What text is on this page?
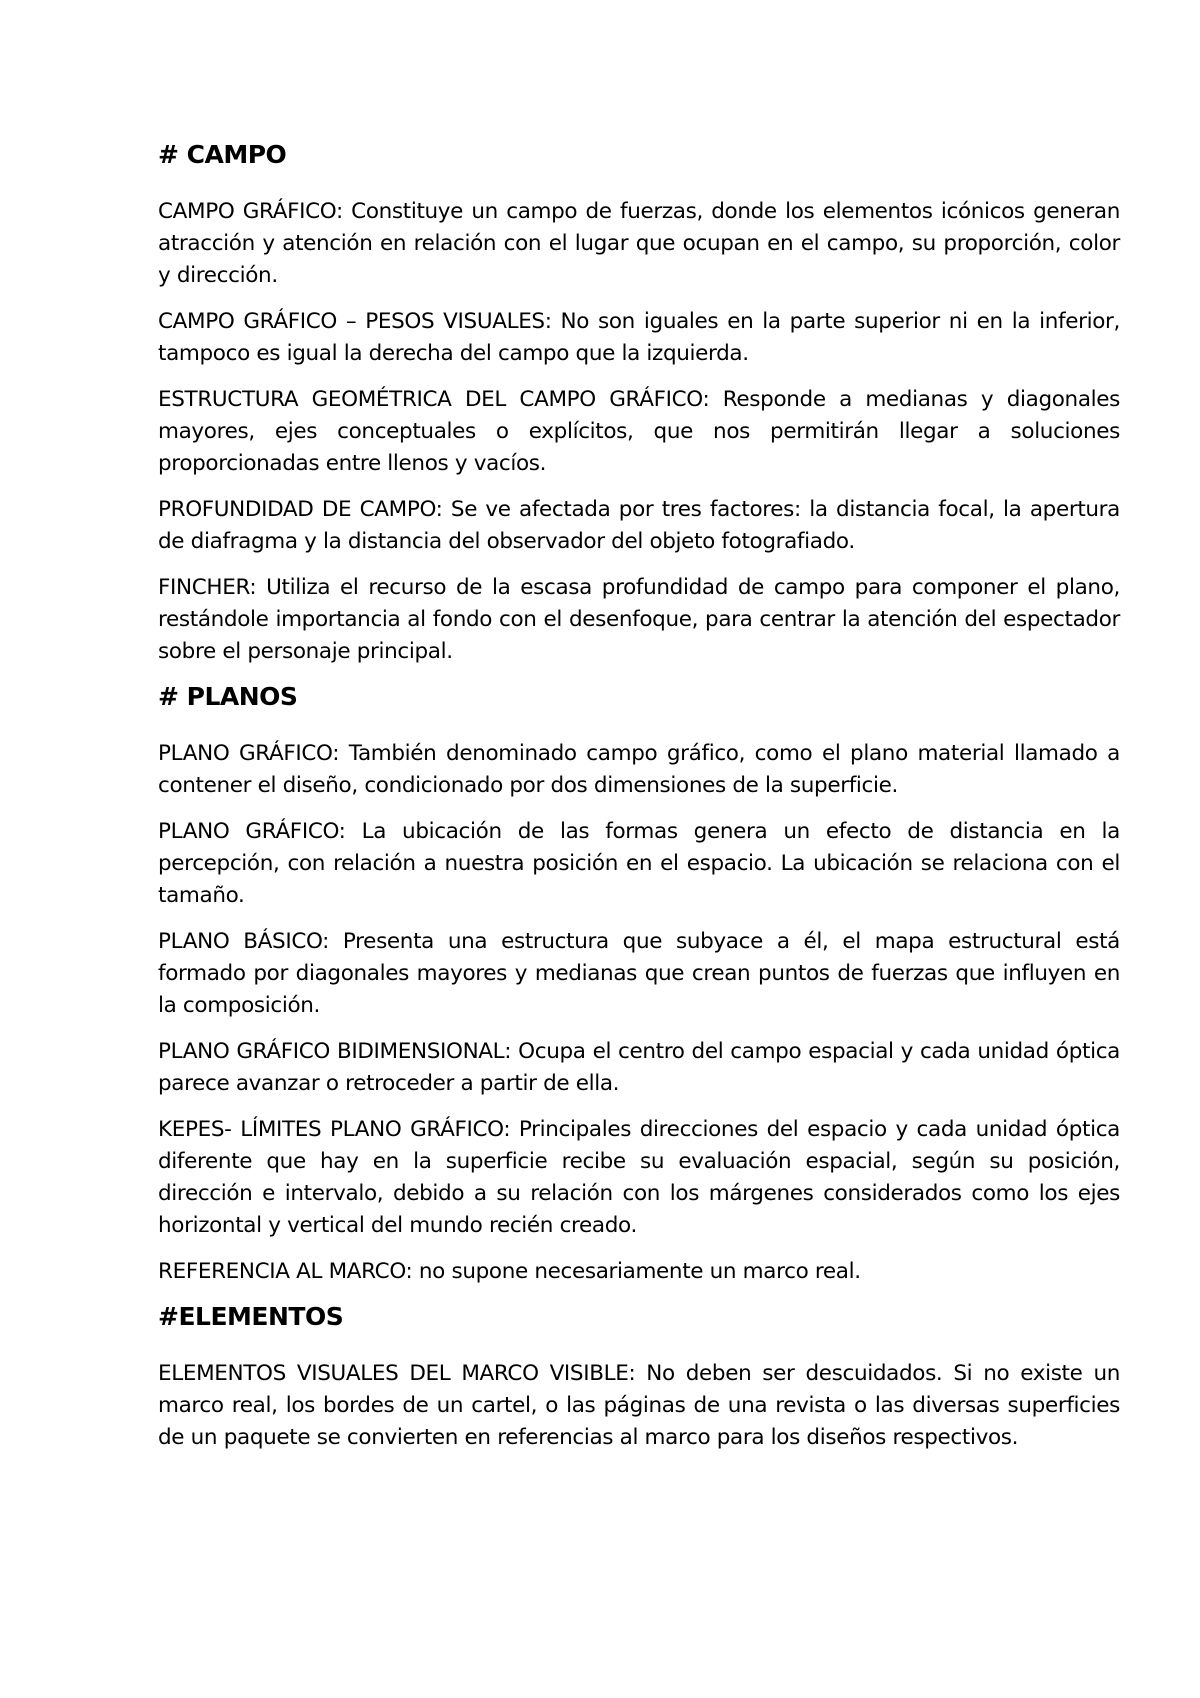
# CAMPO

CAMPO GRÁFICO: Constituye un campo de fuerzas, donde los elementos icónicos generan atracción y atención en relación con el lugar que ocupan en el campo, su proporción, color y dirección.

CAMPO GRÁFICO – PESOS VISUALES: No son iguales en la parte superior ni en la inferior, tampoco es igual la derecha del campo que la izquierda.

ESTRUCTURA GEOMÉTRICA DEL CAMPO GRÁFICO: Responde a medianas y diagonales mayores, ejes conceptuales o explícitos, que nos permitirán llegar a soluciones proporcionadas entre llenos y vacíos.

PROFUNDIDAD DE CAMPO: Se ve afectada por tres factores: la distancia focal, la apertura de diafragma y la distancia del observador del objeto fotografiado.

FINCHER: Utiliza el recurso de la escasa profundidad de campo para componer el plano, restándole importancia al fondo con el desenfoque, para centrar la atención del espectador sobre el personaje principal.

# PLANOS

PLANO GRÁFICO: También denominado campo gráfico, como el plano material llamado a contener el diseño, condicionado por dos dimensiones de la superficie.

PLANO GRÁFICO: La ubicación de las formas genera un efecto de distancia en la percepción, con relación a nuestra posición en el espacio. La ubicación se relaciona con el tamaño.

PLANO BÁSICO: Presenta una estructura que subyace a él, el mapa estructural está formado por diagonales mayores y medianas que crean puntos de fuerzas que influyen en la composición.

PLANO GRÁFICO BIDIMENSIONAL: Ocupa el centro del campo espacial y cada unidad óptica parece avanzar o retroceder a partir de ella.

KEPES- LÍMITES PLANO GRÁFICO: Principales direcciones del espacio y cada unidad óptica diferente que hay en la superficie recibe su evaluación espacial, según su posición, dirección e intervalo, debido a su relación con los márgenes considerados como los ejes horizontal y vertical del mundo recién creado.

REFERENCIA AL MARCO: no supone necesariamente un marco real.

#ELEMENTOS

ELEMENTOS VISUALES DEL MARCO VISIBLE: No deben ser descuidados. Si no existe un marco real, los bordes de un cartel, o las páginas de una revista o las diversas superficies de un paquete se convierten en referencias al marco para los diseños respectivos.
